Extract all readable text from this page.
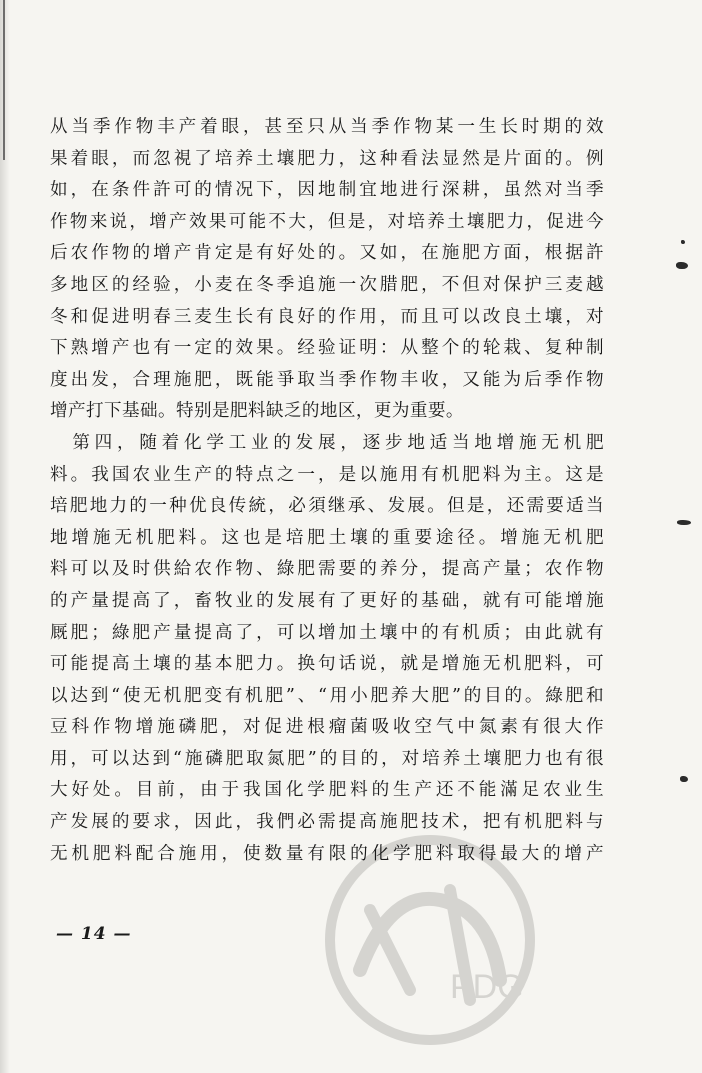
从当季作物丰产着眼，甚至只从当季作物某一生长时期的效
果着眼，而忽視了培养土壤肥力，这种看法显然是片面的。例
如，在条件許可的情况下，因地制宜地进行深耕，虽然对当季
作物来说，增产效果可能不大，但是，对培养土壤肥力，促进今
后农作物的增产肯定是有好处的。又如，在施肥方面，根据許
多地区的经验，小麦在冬季追施一次腊肥，不但对保护三麦越
冬和促进明春三麦生长有良好的作用，而且可以改良土壤，对
下熟增产也有一定的效果。经验证明：从整个的轮栽、复种制
度出发，合理施肥，既能爭取当季作物丰收，又能为后季作物
增产打下基础。特别是肥料缺乏的地区，更为重要。
　第四，随着化学工业的发展，逐步地适当地增施无机肥
料。我国农业生产的特点之一，是以施用有机肥料为主。这是
培肥地力的一种优良传統，必須继承、发展。但是，还需要适当
地增施无机肥料。这也是培肥土壤的重要途径。增施无机肥
料可以及时供給农作物、綠肥需要的养分，提高产量；农作物
的产量提高了，畜牧业的发展有了更好的基础，就有可能增施
厩肥；綠肥产量提高了，可以增加土壤中的有机质；由此就有
可能提高土壤的基本肥力。换句话说，就是增施无机肥料，可
以达到“使无机肥变有机肥”、“用小肥养大肥”的目的。綠肥和
豆科作物增施磷肥，对促进根瘤菌吸收空气中氮素有很大作
用，可以达到“施磷肥取氮肥”的目的，对培养土壤肥力也有很
大好处。目前，由于我国化学肥料的生产还不能滿足农业生
产发展的要求，因此，我們必需提高施肥技术，把有机肥料与
无机肥料配合施用，使数量有限的化学肥料取得最大的增产
— 14 —
PDG
